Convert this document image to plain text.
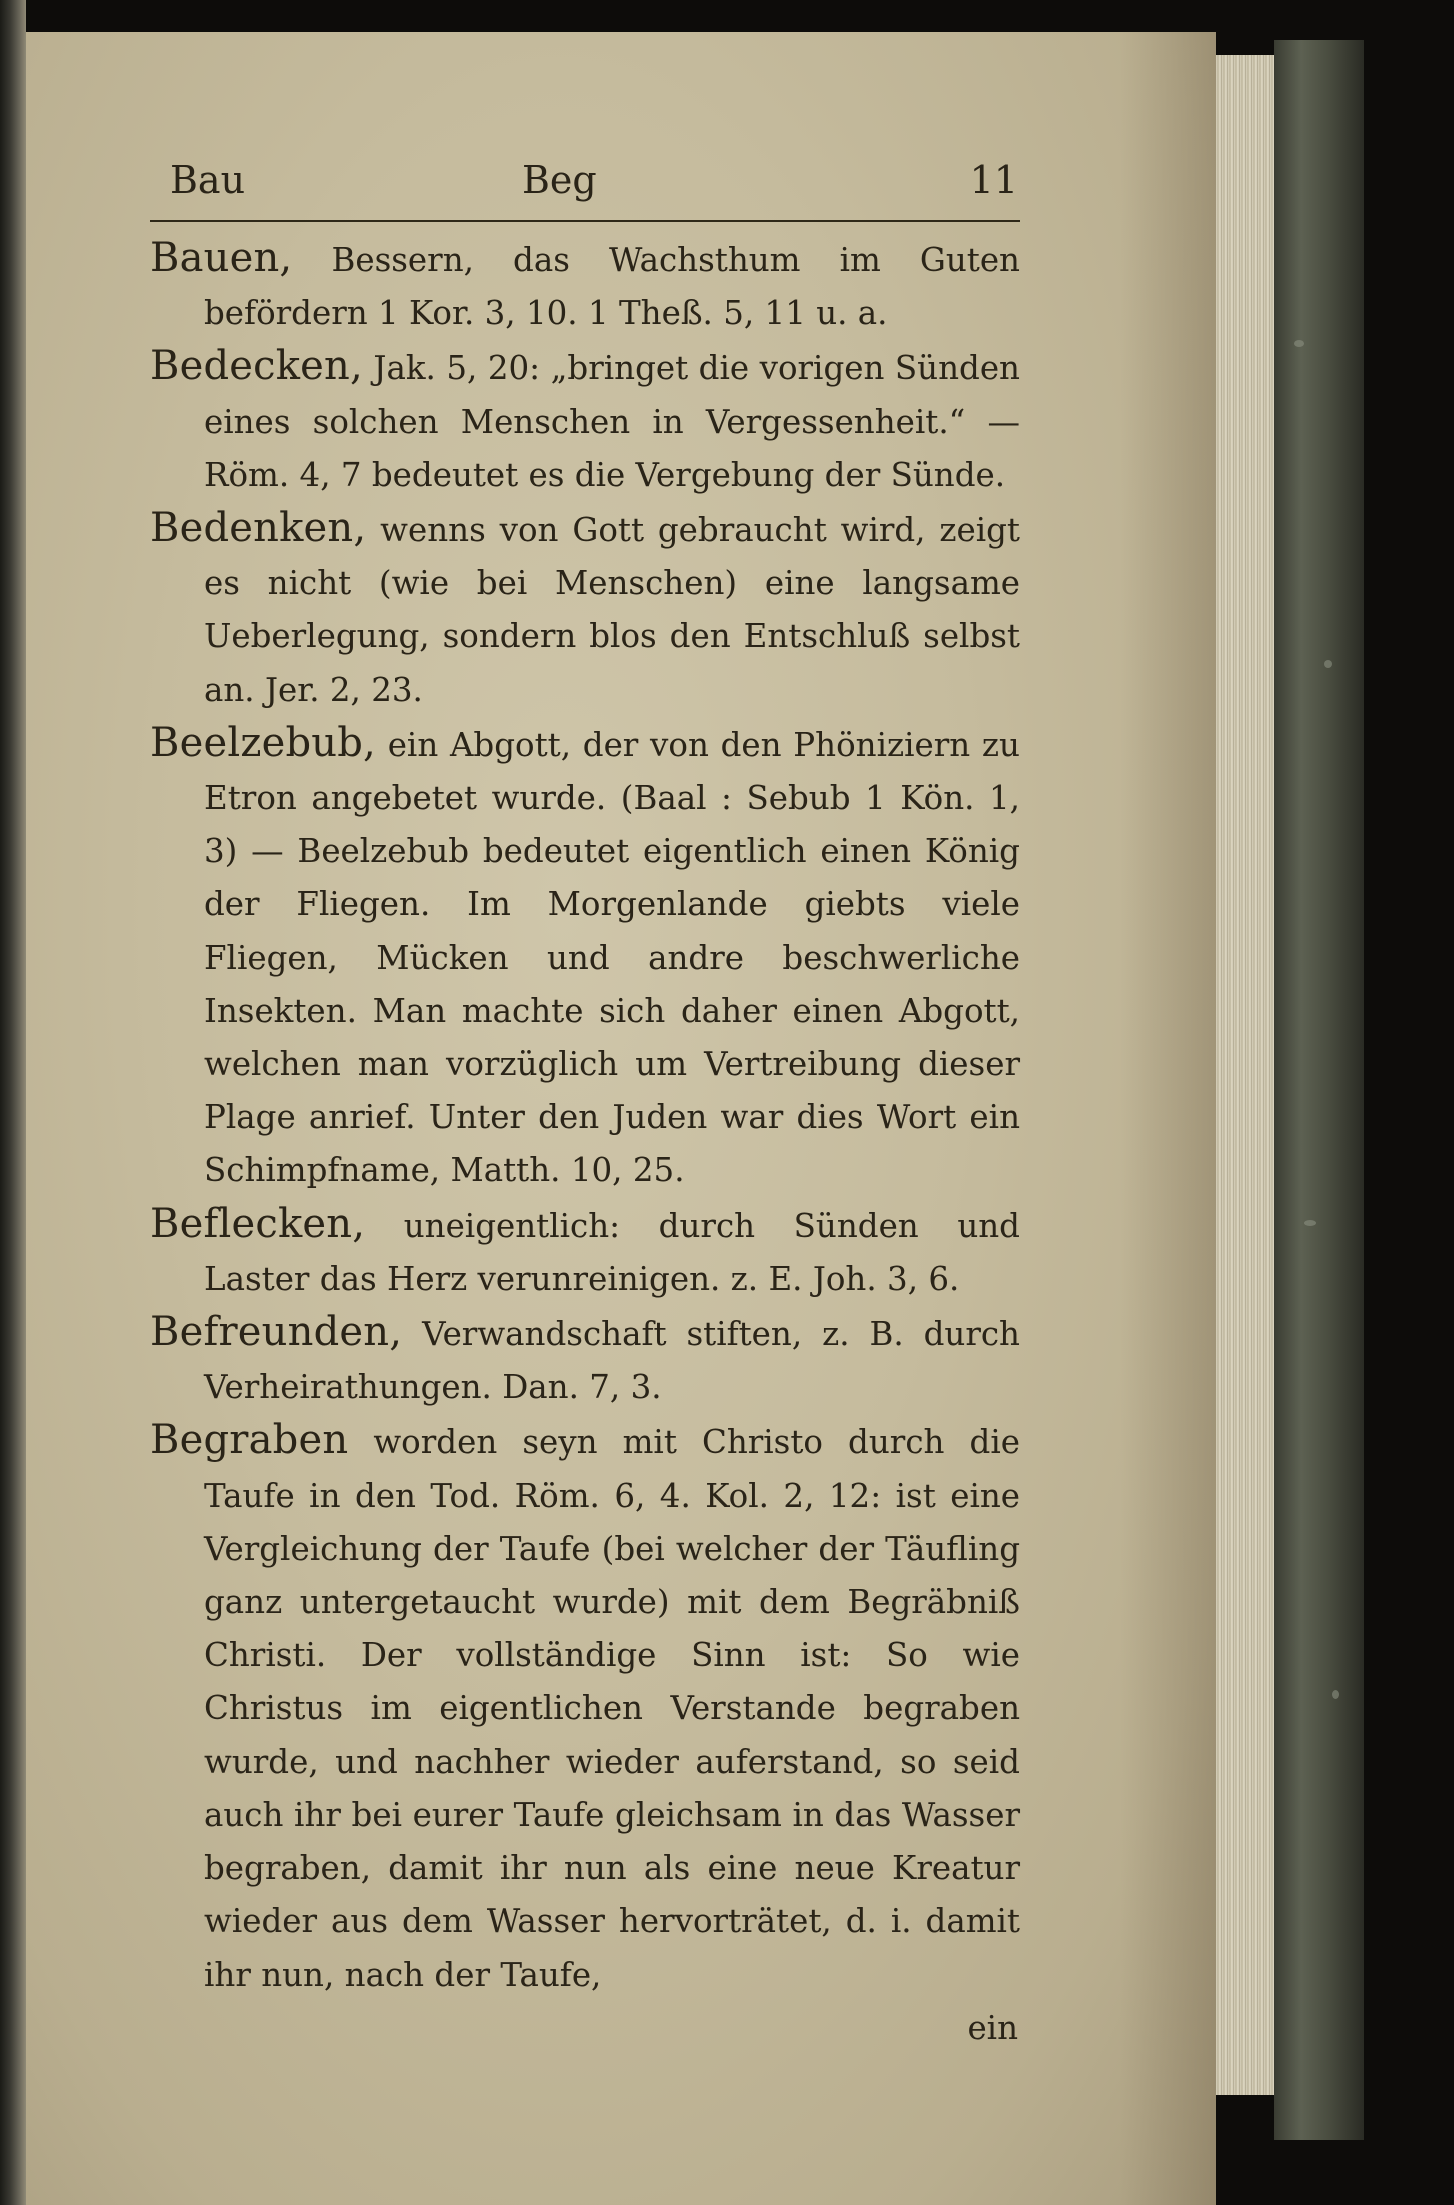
Bau	Beg	11

Bauen, Bessern, das Wachsthum im Guten befördern 1 Kor. 3, 10. 1 Theß. 5, 11 u. a.

Bedecken, Jak. 5, 20: „bringet die vorigen Sünden eines solchen Menschen in Vergessenheit.“ — Röm. 4, 7 bedeutet es die Vergebung der Sünde.

Bedenken, wenns von Gott gebraucht wird, zeigt es nicht (wie bei Menschen) eine langsame Ueberlegung, sondern blos den Entschluß selbst an. Jer. 2, 23.

Beelzebub, ein Abgott, der von den Phöniziern zu Etron angebetet wurde. (Baal : Sebub 1 Kön. 1, 3) — Beelzebub bedeutet eigentlich einen König der Fliegen. Im Morgenlande giebts viele Fliegen, Mücken und andre beschwerliche Insekten. Man machte sich daher einen Abgott, welchen man vorzüglich um Vertreibung dieser Plage anrief. Unter den Juden war dies Wort ein Schimpfname, Matth. 10, 25.

Beflecken, uneigentlich: durch Sünden und Laster das Herz verunreinigen. z. E. Joh. 3, 6.

Befreunden, Verwandschaft stiften, z. B. durch Verheirathungen. Dan. 7, 3.

Begraben worden seyn mit Christo durch die Taufe in den Tod. Röm. 6, 4. Kol. 2, 12: ist eine Vergleichung der Taufe (bei welcher der Täufling ganz untergetaucht wurde) mit dem Begräbniß Christi. Der vollständige Sinn ist: So wie Christus im eigentlichen Verstande begraben wurde, und nachher wieder auferstand, so seid auch ihr bei eurer Taufe gleichsam in das Wasser begraben, damit ihr nun als eine neue Kreatur wieder aus dem Wasser hervorträtet, d. i. damit ihr nun, nach der Taufe,

ein
